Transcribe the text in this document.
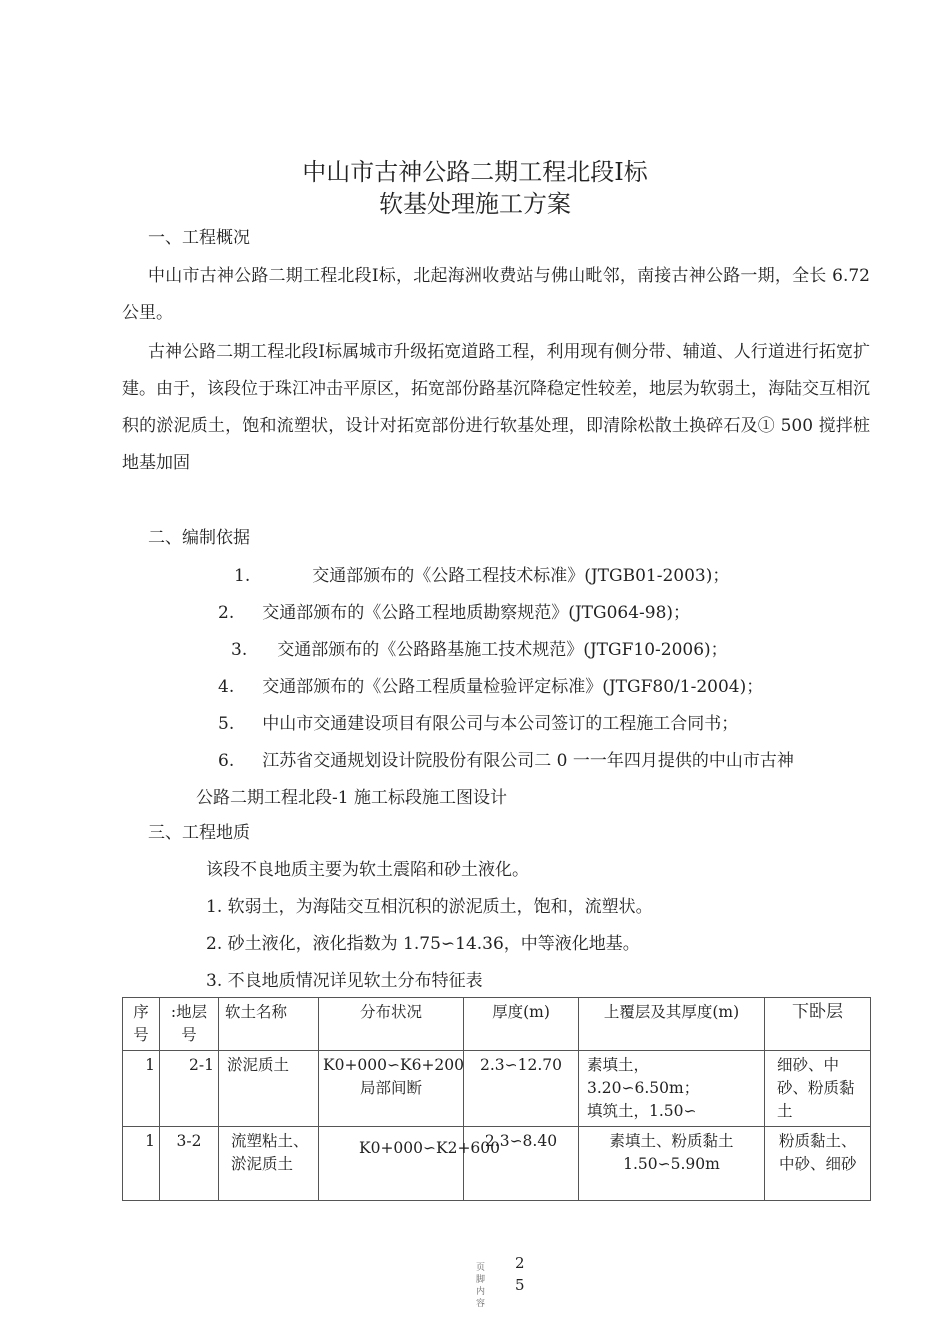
中山市古神公路二期工程北段Ⅰ标
软基处理施工方案
一、工程概况
中山市古神公路二期工程北段Ⅰ标，北起海洲收费站与佛山毗邻，南接古神公路一期，全长 6.72 公里。
古神公路二期工程北段Ⅰ标属城市升级拓宽道路工程，利用现有侧分带、辅道、人行道进行拓宽扩建。由于，该段位于珠江冲击平原区，拓宽部份路基沉降稳定性较差，地层为软弱土，海陆交互相沉积的淤泥质土，饱和流塑状，设计对拓宽部份进行软基处理，即清除松散土换碎石及① 500 搅拌桩地基加固
二、编制依据
1.	交通部颁布的《公路工程技术标准》(JTGB01-2003)；
2. 交通部颁布的《公路工程地质勘察规范》(JTG064-98)；
3. 交通部颁布的《公路路基施工技术规范》(JTGF10-2006)；
4. 交通部颁布的《公路工程质量检验评定标准》(JTGF80/1-2004)；
5. 中山市交通建设项目有限公司与本公司签订的工程施工合同书；
6. 江苏省交通规划设计院股份有限公司二 0 一一年四月提供的中山市古神
公路二期工程北段-1 施工标段施工图设计
三、工程地质
该段不良地质主要为软土震陷和砂土液化。
1. 软弱土，为海陆交互相沉积的淤泥质土，饱和，流塑状。
2. 砂土液化，液化指数为 1.75∽14.36，中等液化地基。
3. 不良地质情况详见软土分布特征表
序号	:地层号	软土名称	分布状况	厚度(m)	上覆层及其厚度(m)	下卧层
1	2-1	淤泥质土	K0+000∽K6+200 局部间断	2.3∽12.70	素填土，3.20∽6.50m；填筑土，1.50∽	细砂、中砂、粉质黏土
1	3-2	流塑粘土、淤泥质土	K0+000∽K2+600	2.3∽8.40	素填土、粉质黏土1.50∽5.90m	粉质黏土、中砂、细砂
页脚内容
25
